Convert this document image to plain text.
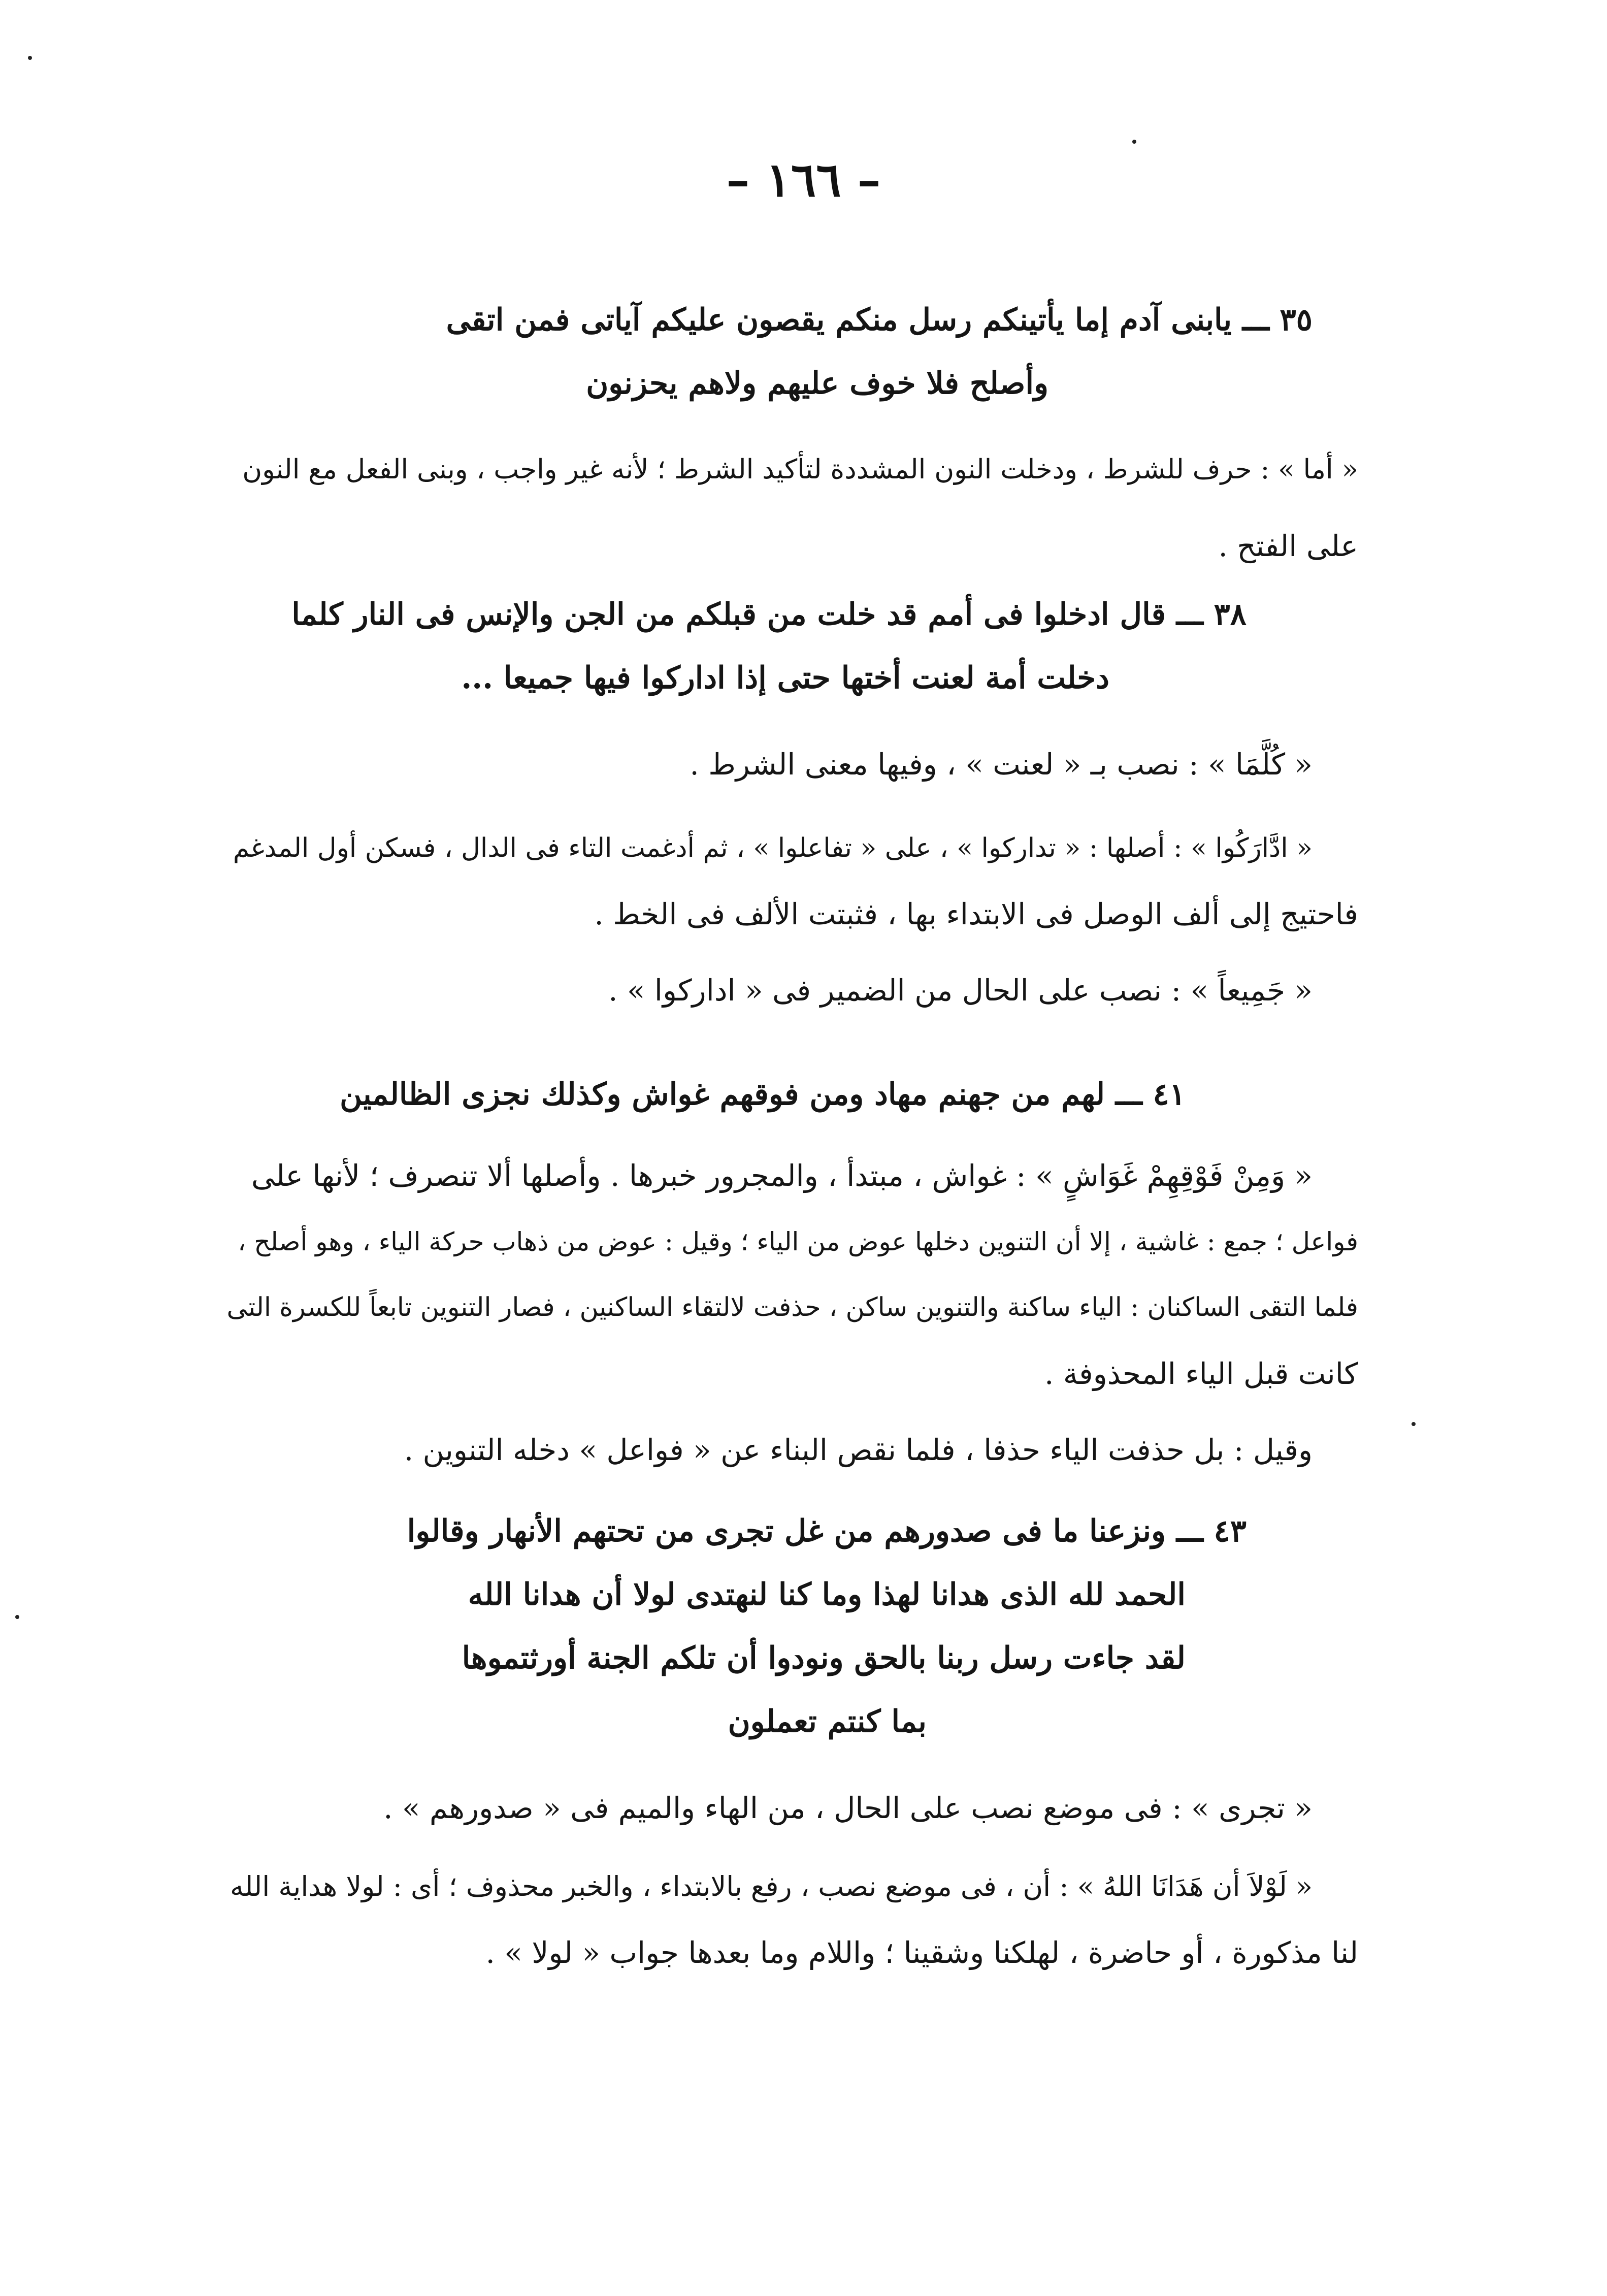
– ١٦٦ –
٣٥ ـــ يابنى آدم إما يأتينكم رسل منكم يقصون عليكم آياتى فمن اتقى
وأصلح فلا خوف عليهم ولاهم يحزنون
« أما » : حرف للشرط ، ودخلت النون المشددة لتأكيد الشرط ؛ لأنه غير واجب ، وبنى الفعل مع النون
على الفتح .
٣٨ ـــ قال ادخلوا فى أمم قد خلت من قبلكم من الجن والإنس فى النار كلما
دخلت أمة لعنت أختها حتى إذا اداركوا فيها جميعا ...
« كُلَّمَا » : نصب بـ « لعنت » ، وفيها معنى الشرط .
« ادَّارَكُوا » : أصلها : « تداركوا » ، على « تفاعلوا » ، ثم أدغمت التاء فى الدال ، فسكن أول المدغم
فاحتيج إلى ألف الوصل فى الابتداء بها ، فثبتت الألف فى الخط .
« جَمِيعاً » : نصب على الحال من الضمير فى « اداركوا » .
٤١ ـــ لهم من جهنم مهاد ومن فوقهم غواش وكذلك نجزى الظالمين
« وَمِنْ فَوْقِهِمْ غَوَاشٍ » : غواش ، مبتدأ ، والمجرور خبرها . وأصلها ألا تنصرف ؛ لأنها على
فواعل ؛ جمع : غاشية ، إلا أن التنوين دخلها عوض من الياء ؛ وقيل : عوض من ذهاب حركة الياء ، وهو أصلح ،
فلما التقى الساكنان : الياء ساكنة والتنوين ساكن ، حذفت لالتقاء الساكنين ، فصار التنوين تابعاً للكسرة التى
كانت قبل الياء المحذوفة .
وقيل : بل حذفت الياء حذفا ، فلما نقص البناء عن « فواعل » دخله التنوين .
٤٣ ـــ ونزعنا ما فى صدورهم من غل تجرى من تحتهم الأنهار وقالوا
الحمد لله الذى هدانا لهذا وما كنا لنهتدى لولا أن هدانا الله
لقد جاءت رسل ربنا بالحق ونودوا أن تلكم الجنة أورثتموها
بما كنتم تعملون
« تجرى » : فى موضع نصب على الحال ، من الهاء والميم فى « صدورهم » .
« لَوْلاَ أن هَدَانَا اللهُ » : أن ، فى موضع نصب ، رفع بالابتداء ، والخبر محذوف ؛ أى : لولا هداية الله
لنا مذكورة ، أو حاضرة ، لهلكنا وشقينا ؛ واللام وما بعدها جواب « لولا » .
